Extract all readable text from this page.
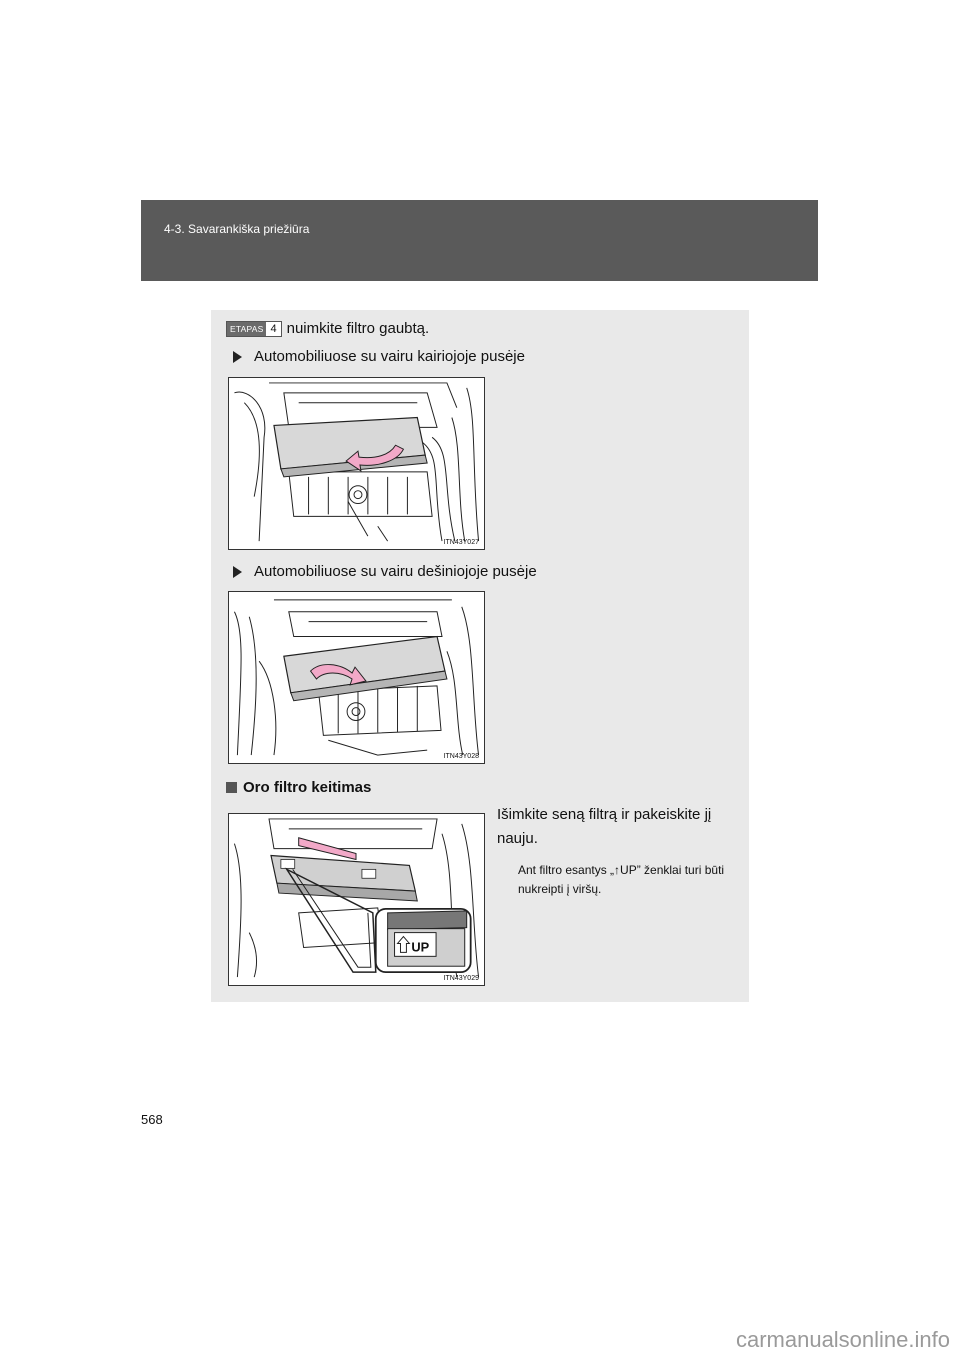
4-3. Savarankiška priežiūra
ETAPAS 4 nuimkite filtro gaubtą.
Automobiliuose su vairu kairiojoje pusėje
ITN43Y027
Automobiliuose su vairu dešiniojoje pusėje
ITN43Y028
Oro filtro keitimas
UP
ITN43Y029
Išimkite seną filtrą ir pakeiskite jį nauju.
Ant filtro esantys „↑UP” ženklai turi būti nukreipti į viršų.
568
carmanualsonline.info
